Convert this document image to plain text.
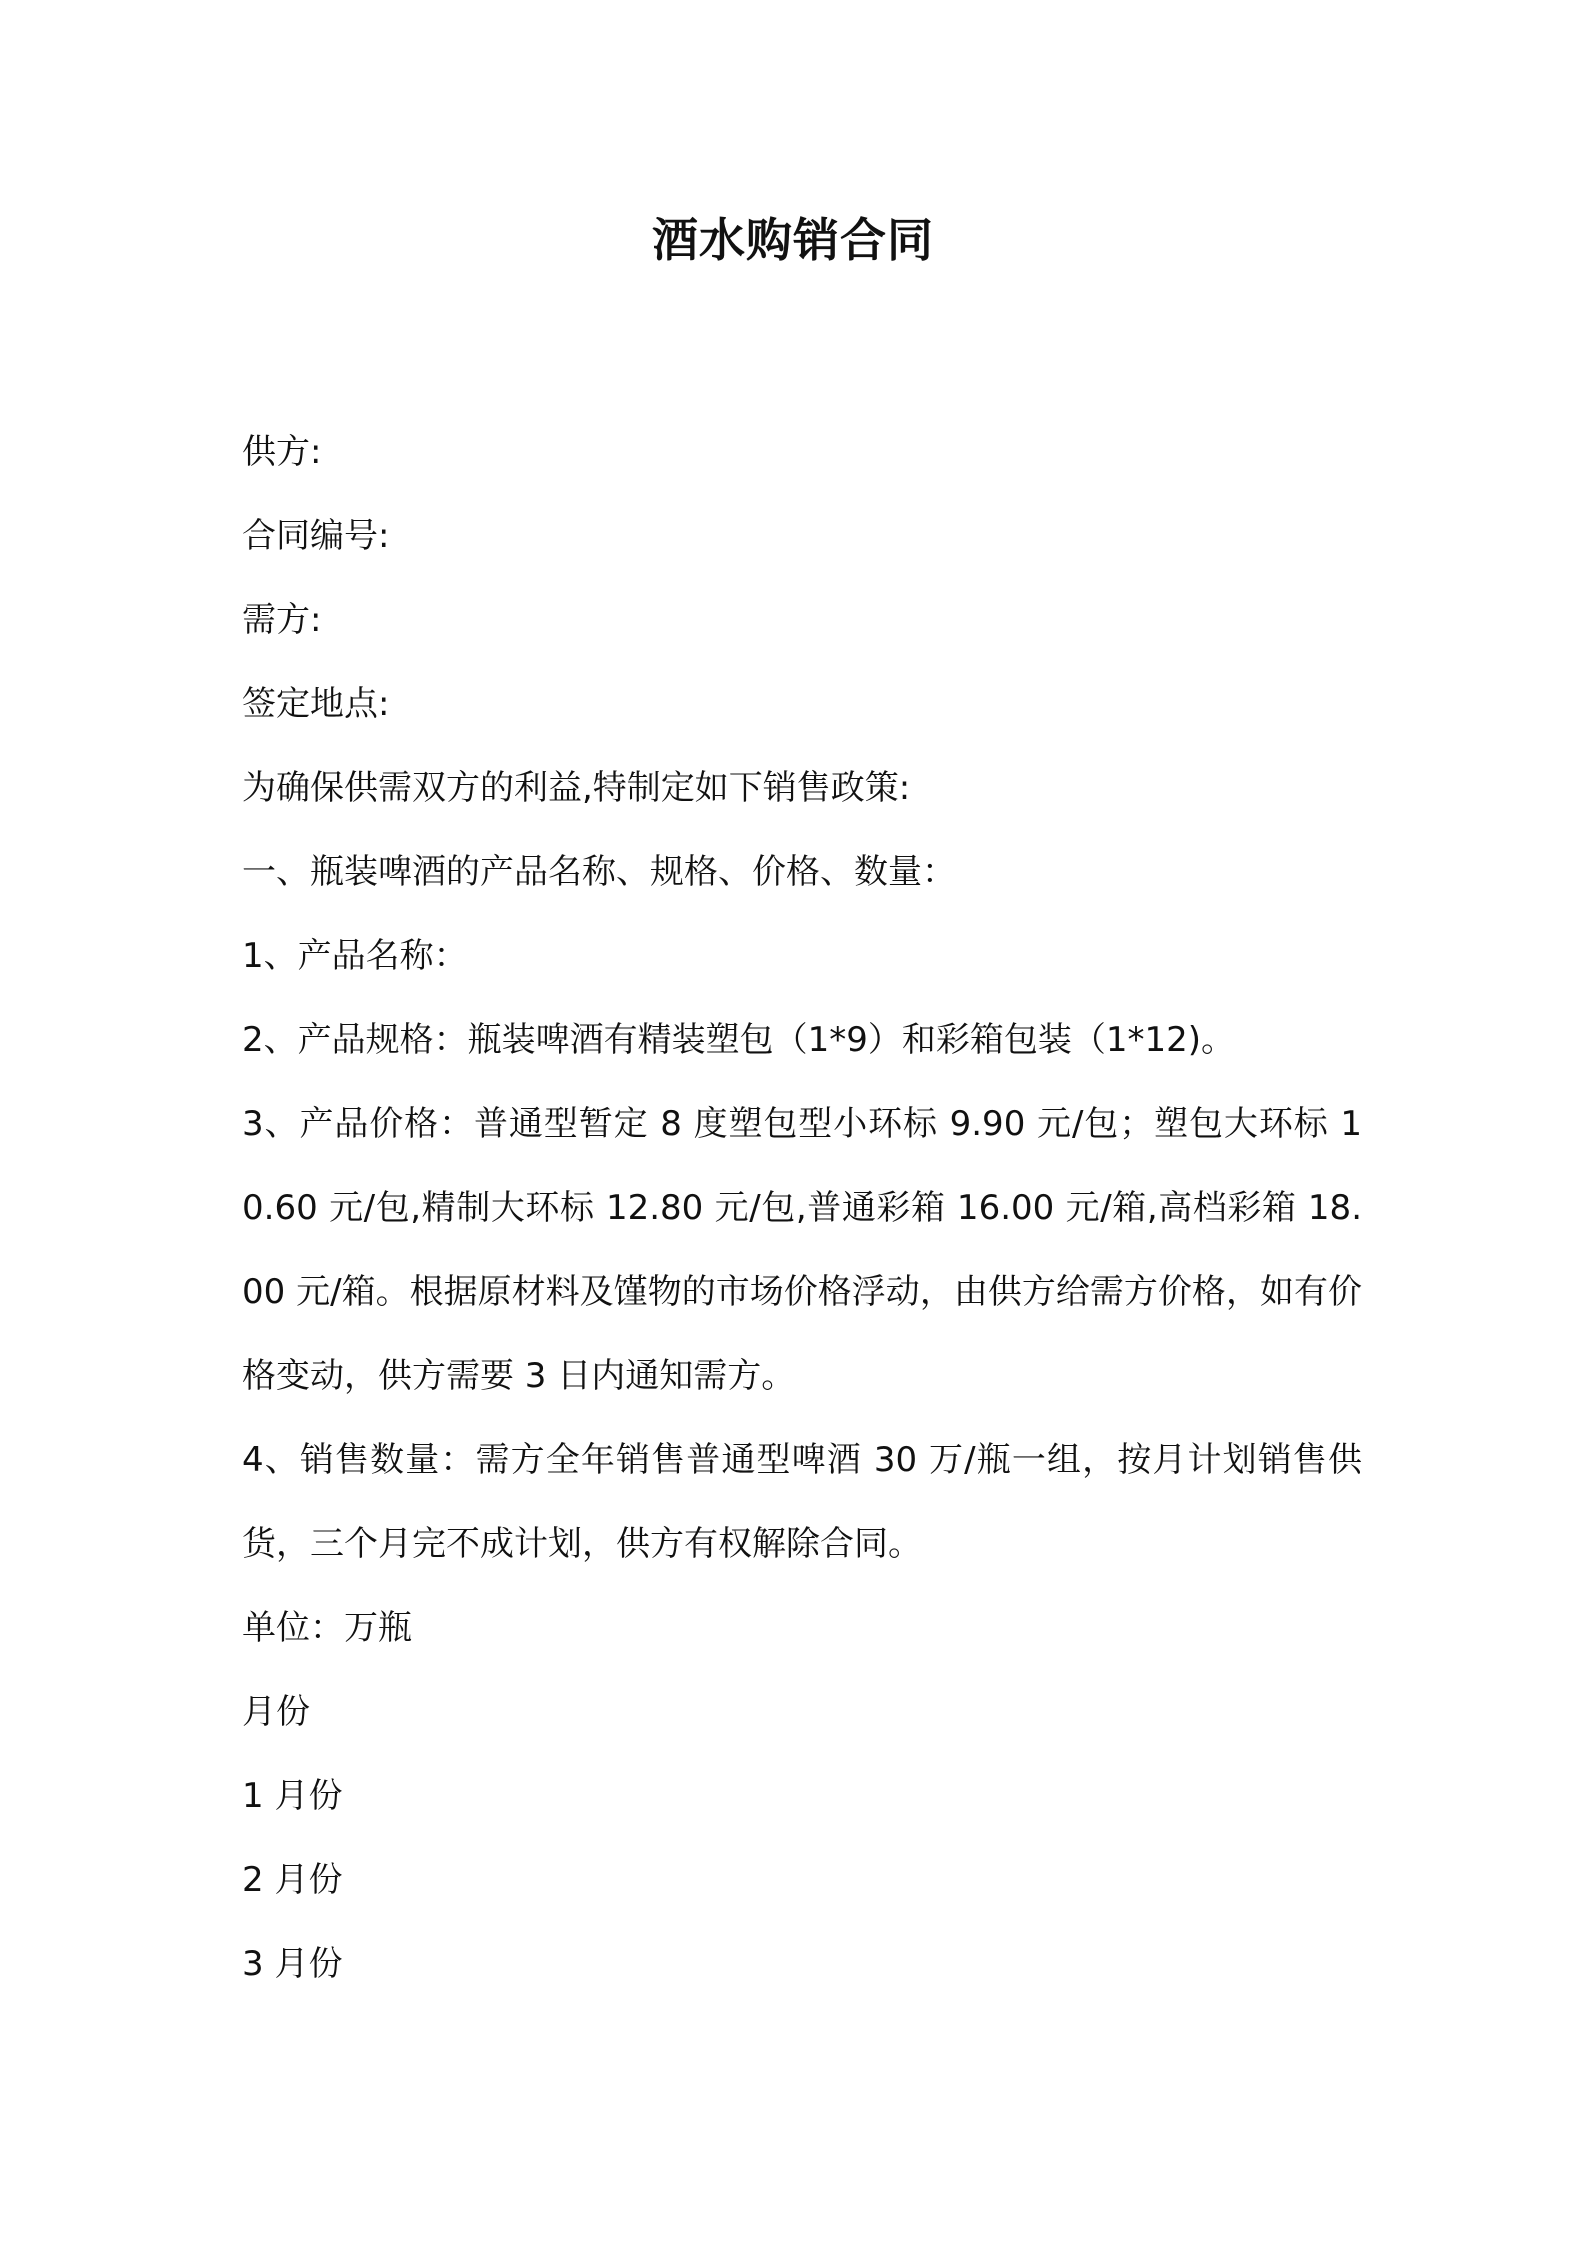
酒水购销合同
供方:
合同编号:
需方:
签定地点:
为确保供需双方的利益,特制定如下销售政策:
一、瓶装啤酒的产品名称、规格、价格、数量：
1、产品名称：
2、产品规格：瓶装啤酒有精装塑包（1*9）和彩箱包装（1*12)。
3、产品价格：普通型暂定 8 度塑包型小环标 9.90 元/包；塑包大环标 10.60 元/包,精制大环标 12.80 元/包,普通彩箱 16.00 元/箱,高档彩箱 18.00 元/箱。根据原材料及馑物的市场价格浮动，由供方给需方价格，如有价格变动，供方需要 3 日内通知需方。
4、销售数量：需方全年销售普通型啤酒 30 万/瓶一组，按月计划销售供货，三个月完不成计划，供方有权解除合同。
单位：万瓶
月份
1 月份
2 月份
3 月份
